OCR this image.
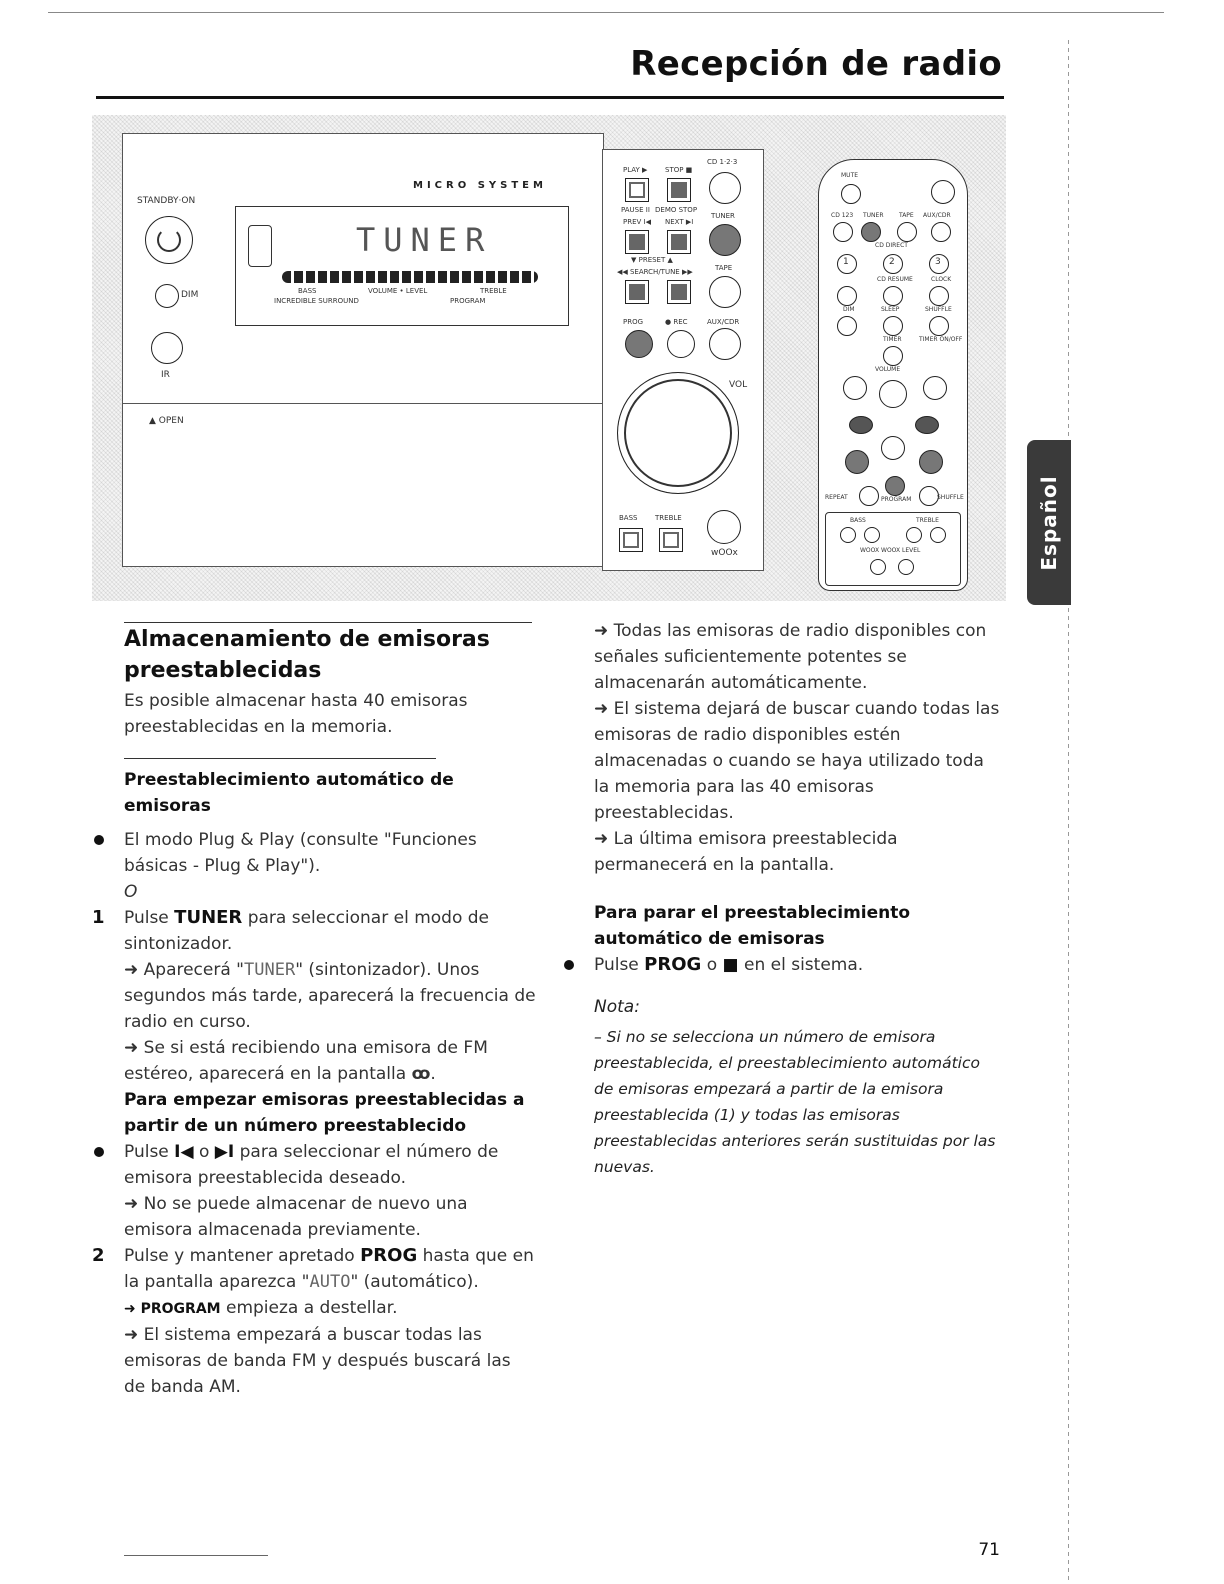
Recepción de radio
Español
STANDBY·ON
DIM
IR
MICRO SYSTEM
TUNER
BASS
INCREDIBLE SURROUND
VOLUME • LEVEL	TREBLE
PROGRAM
▲ OPEN
PLAY ▶	STOP ■
CD 1·2·3
PAUSE II DEMO STOP
TUNER
PREV I◀ NEXT ▶I
▼ PRESET ▲
TAPE
◀◀ SEARCH/TUNE ▶▶
PROG	● REC	AUX/CDR
VOL
BASS	TREBLE
wOOx
MUTE
CD 123 TUNER	TAPE AUX/CDR
CD DIRECT
1	2	3
CD RESUME	CLOCK
DIM	SLEEP	SHUFFLE
TIMER	TIMER ON/OFF
VOLUME
REPEAT	PROGRAM	SHUFFLE
BASS	TREBLE
WOOX WOOX LEVEL
Almacenamiento de emisoras preestablecidas
Es posible almacenar hasta 40 emisoras preestablecidas en la memoria.
Preestablecimiento automático de emisoras
El modo Plug & Play (consulte "Funciones básicas - Plug & Play").
O
1 Pulse TUNER para seleccionar el modo de sintonizador.
➜ Aparecerá "TUNER" (sintonizador). Unos segundos más tarde, aparecerá la frecuencia de radio en curso.
➜ Se si está recibiendo una emisora de FM estéreo, aparecerá en la pantalla ꝏ.
Para empezar emisoras preestablecidas a partir de un número preestablecido
Pulse I◀ o ▶I para seleccionar el número de emisora preestablecida deseado.
➜ No se puede almacenar de nuevo una emisora almacenada previamente.
2 Pulse y mantener apretado PROG hasta que en la pantalla aparezca "AUTO" (automático).
➜ PROGRAM empieza a destellar.
➜ El sistema empezará a buscar todas las emisoras de banda FM y después buscará las de banda AM.
➜ Todas las emisoras de radio disponibles con señales suficientemente potentes se almacenarán automáticamente.
➜ El sistema dejará de buscar cuando todas las emisoras de radio disponibles estén almacenadas o cuando se haya utilizado toda la memoria para las 40 emisoras preestablecidas.
➜ La última emisora preestablecida permanecerá en la pantalla.
Para parar el preestablecimiento automático de emisoras
Pulse PROG o ■ en el sistema.
Nota:
– Si no se selecciona un número de emisora preestablecida, el preestablecimiento automático de emisoras empezará a partir de la emisora preestablecida (1) y todas las emisoras preestablecidas anteriores serán sustituidas por las nuevas.
71
